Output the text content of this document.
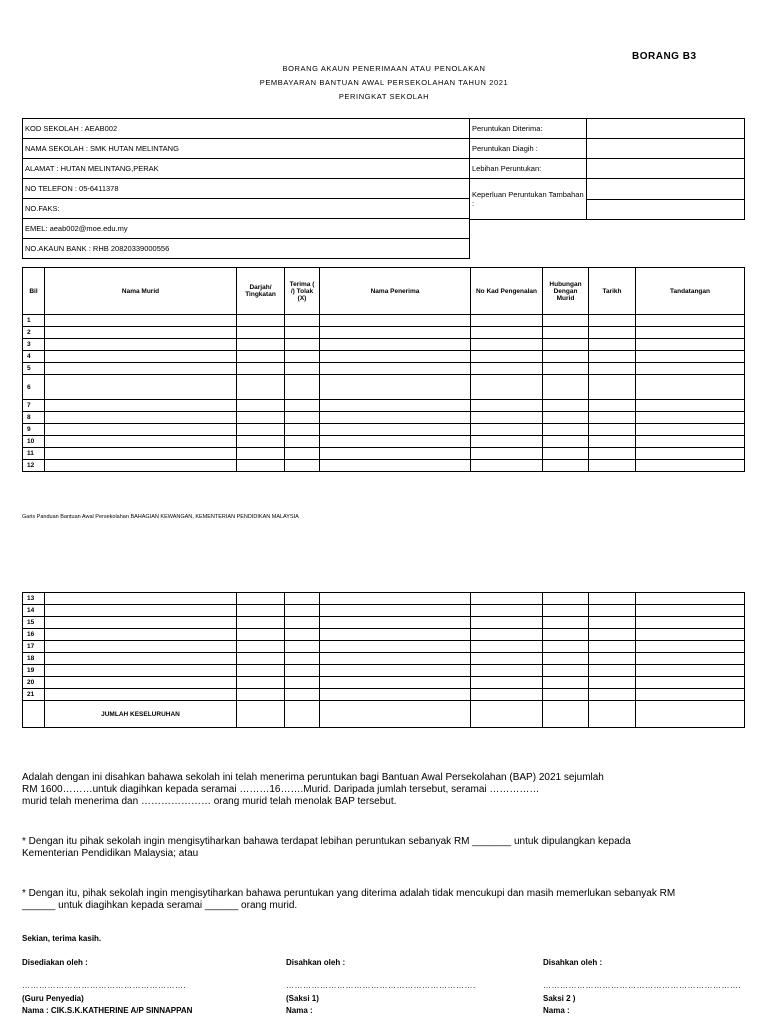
BORANG B3
BORANG AKAUN PENERIMAAN ATAU PENOLAKAN
PEMBAYARAN BANTUAN AWAL PERSEKOLAHAN TAHUN 2021
PERINGKAT SEKOLAH
KOD SEKOLAH : AEAB002
NAMA SEKOLAH : SMK HUTAN MELINTANG
ALAMAT : HUTAN MELINTANG,PERAK
NO TELEFON : 05-6411378
NO.FAKS:
EMEL: aeab002@moe.edu.my
NO.AKAUN BANK : RHB 20820339000556
Peruntukan Diterima:	
Peruntukan Diagih :	
Lebihan Peruntukan:	
Keperluan Peruntukan Tambahan :	

Bil	Nama Murid	Darjah/ Tingkatan	Terima ( /) Tolak (X)	Nama Penerima	No Kad Pengenalan	Hubungan Dengan Murid	Tarikh	Tandatangan
1								
2								
3								
4								
5								
6								
7								
8								
9								
10								
11								
12								
Garis Panduan Bantuan Awal Persekolahan BAHAGIAN KEWANGAN, KEMENTERIAN PENDIDIKAN MALAYSIA
13								
14								
15								
16								
17								
18								
19								
20								
21								
	JUMLAH KESELURUHAN							
Adalah dengan ini disahkan bahawa sekolah ini telah menerima peruntukan bagi Bantuan Awal Persekolahan (BAP) 2021 sejumlah
RM 1600………untuk diagihkan kepada seramai ………16…….Murid. Daripada jumlah tersebut, seramai ……………
murid telah menerima dan ………………… orang murid telah menolak BAP tersebut.
* Dengan itu pihak sekolah ingin mengisytiharkan bahawa terdapat lebihan peruntukan sebanyak RM _______ untuk dipulangkan kepada
Kementerian Pendidikan Malaysia; atau
* Dengan itu, pihak sekolah ingin mengisytiharkan bahawa peruntukan yang diterima adalah tidak mencukupi dan masih memerlukan sebanyak RM
______ untuk diagihkan kepada seramai ______ orang murid.
Sekian, terima kasih.
Disediakan oleh :
………………………………………………….
(Guru Penyedia)
Nama : CIK.S.K.KATHERINE A/P SINNAPPAN
Disahkan oleh :
………………………………………………………….
(Saksi 1)
Nama :
Disahkan oleh :
…………………………………………………………….
Saksi 2 )
Nama :
